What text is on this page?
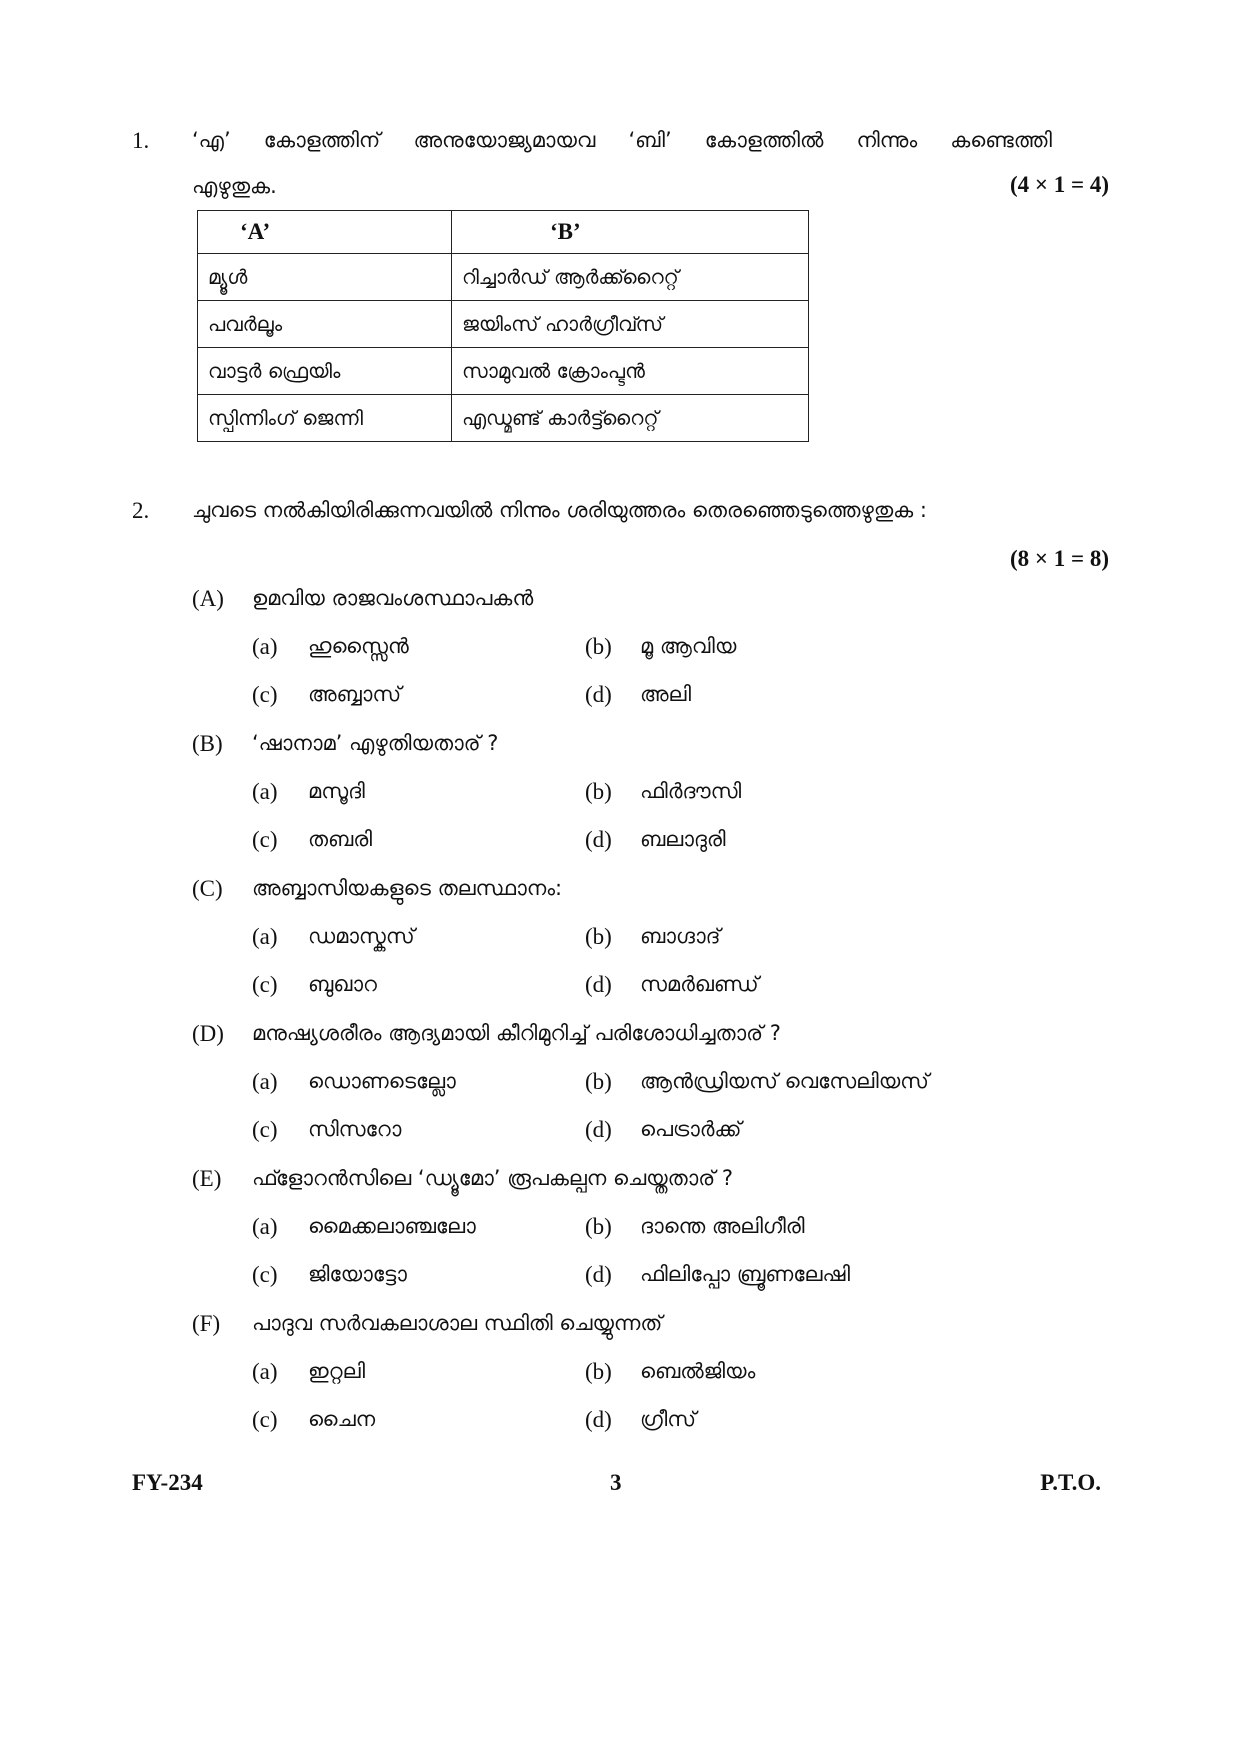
1. ‘എ’ കോളത്തിന് അനുയോജ്യമായവ ‘ബി’ കോളത്തിൽ നിന്നും കണ്ടെത്തി
എഴുതുക.	(4 × 1 = 4)
‘A’	‘B’
മ്യൂൾ	റിച്ചാർഡ് ആർക്ക്റൈറ്റ്
പവർലൂം	ജയിംസ് ഹാർഗ്രീവ്സ്
വാട്ടർ ഫ്രെയിം	സാമുവൽ ക്രോംപ്ടൻ
സ്പിന്നിംഗ് ജെന്നി	എഡ്മണ്ട് കാർട്ട്റൈറ്റ്
2. ചുവടെ നൽകിയിരിക്കുന്നവയിൽ നിന്നും ശരിയുത്തരം തെരഞ്ഞെടുത്തെഴുതുക :
(8 × 1 = 8)
(A) ഉമവിയ രാജവംശസ്ഥാപകൻ
(a) ഹുസ്സൈൻ	(b) മൂ ആവിയ
(c) അബ്ബാസ്	(d) അലി
(B) ‘ഷാനാമ’ എഴുതിയതാര് ?
(a) മസൂദി	(b) ഫിർദൗസി
(c) തബരി	(d) ബലാദുരി
(C) അബ്ബാസിയകളുടെ തലസ്ഥാനം:
(a) ഡമാസ്കസ്	(b) ബാഗ്ദാദ്
(c) ബുഖാറ	(d) സമർഖണ്ഡ്
(D) മനുഷ്യശരീരം ആദ്യമായി കീറിമുറിച്ച് പരിശോധിച്ചതാര് ?
(a) ഡൊണടെല്ലോ	(b) ആൻഡ്രിയസ് വെസേലിയസ്
(c) സിസറോ	(d) പെട്രാർക്ക്
(E) ഫ്ളോറൻസിലെ ‘ഡ്യൂമോ’ രൂപകല്പന ചെയ്തതാര് ?
(a) മൈക്കലാഞ്ചലോ	(b) ദാന്തെ അലിഗീരി
(c) ജിയോട്ടോ	(d) ഫിലിപ്പോ ബ്രൂണലേഷി
(F) പാദുവ സർവകലാശാല സ്ഥിതി ചെയ്യുന്നത്
(a) ഇറ്റലി	(b) ബെൽജിയം
(c) ചൈന	(d) ഗ്രീസ്
FY-234	3	P.T.O.
